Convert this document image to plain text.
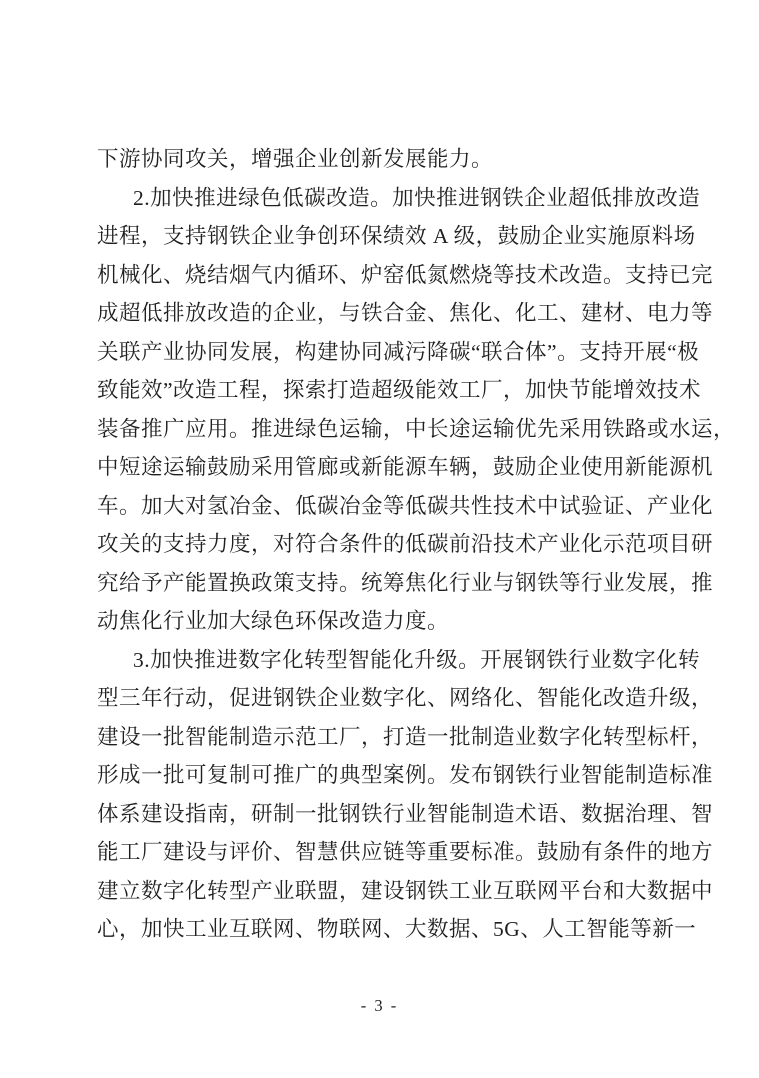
下游协同攻关，增强企业创新发展能力。
2.加快推进绿色低碳改造。加快推进钢铁企业超低排放改造
进程，支持钢铁企业争创环保绩效 A 级，鼓励企业实施原料场
机械化、烧结烟气内循环、炉窑低氮燃烧等技术改造。支持已完
成超低排放改造的企业，与铁合金、焦化、化工、建材、电力等
关联产业协同发展，构建协同减污降碳“联合体”。支持开展“极
致能效”改造工程，探索打造超级能效工厂，加快节能增效技术
装备推广应用。推进绿色运输，中长途运输优先采用铁路或水运，
中短途运输鼓励采用管廊或新能源车辆，鼓励企业使用新能源机
车。加大对氢冶金、低碳冶金等低碳共性技术中试验证、产业化
攻关的支持力度，对符合条件的低碳前沿技术产业化示范项目研
究给予产能置换政策支持。统筹焦化行业与钢铁等行业发展，推
动焦化行业加大绿色环保改造力度。
3.加快推进数字化转型智能化升级。开展钢铁行业数字化转
型三年行动，促进钢铁企业数字化、网络化、智能化改造升级，
建设一批智能制造示范工厂，打造一批制造业数字化转型标杆，
形成一批可复制可推广的典型案例。发布钢铁行业智能制造标准
体系建设指南，研制一批钢铁行业智能制造术语、数据治理、智
能工厂建设与评价、智慧供应链等重要标准。鼓励有条件的地方
建立数字化转型产业联盟，建设钢铁工业互联网平台和大数据中
心，加快工业互联网、物联网、大数据、5G、人工智能等新一
- 3 -
